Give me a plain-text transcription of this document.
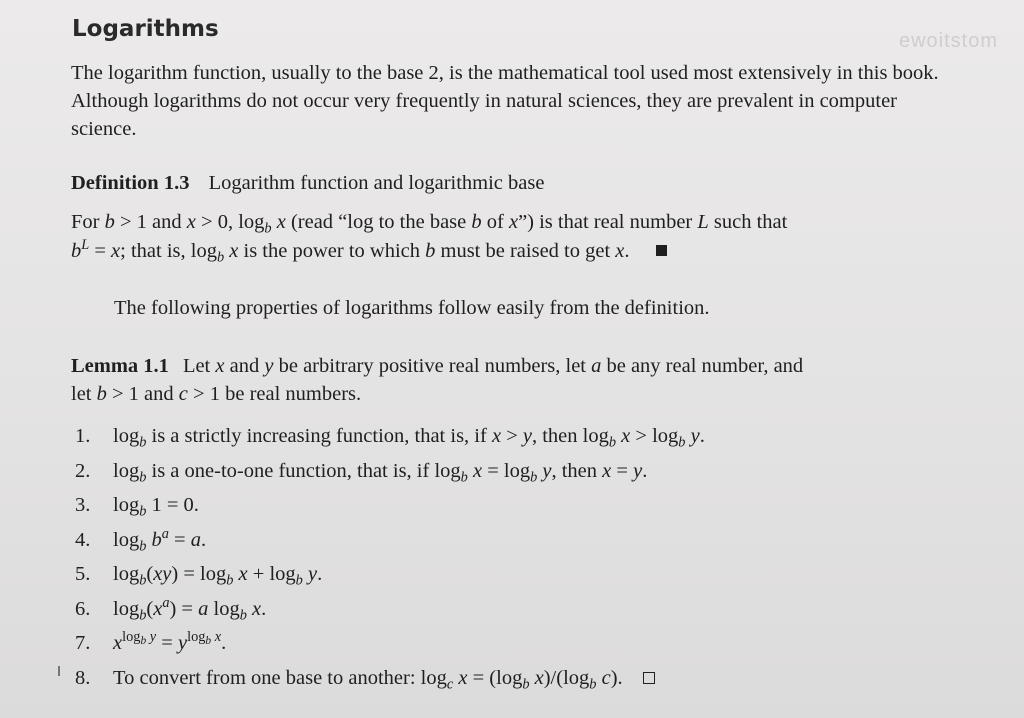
ewoitstom
Logarithms
The logarithm function, usually to the base 2, is the mathematical tool used most extensively in this book. Although logarithms do not occur very frequently in natural sciences, they are prevalent in computer science.
Definition 1.3 Logarithm function and logarithmic base
For b > 1 and x > 0, $\log_b x$ (read “log to the base b of x”) is that real number L such that
$b^L = x$; that is, $\log_b x$ is the power to which b must be raised to get x.
The following properties of logarithms follow easily from the definition.
Lemma 1.1 Let x and y be arbitrary positive real numbers, let a be any real number, and
let b > 1 and c > 1 be real numbers.
1. $\log_b$ is a strictly increasing function, that is, if x > y, then $\log_b x > \log_b y$.
2. $\log_b$ is a one-to-one function, that is, if $\log_b x = \log_b y$, then x = y.
3. $\log_b 1 = 0$.
4. $\log_b b^a = a$.
5. $\log_b(xy) = \log_b x + \log_b y$.
6. $\log_b(x^a) = a$ $\log_b x$.
7. $x^{log_b y} = y^{log_b x}$.
8. To convert from one base to another: $\log_c x = (\log_b$ $x)/(\log_b$ c).
